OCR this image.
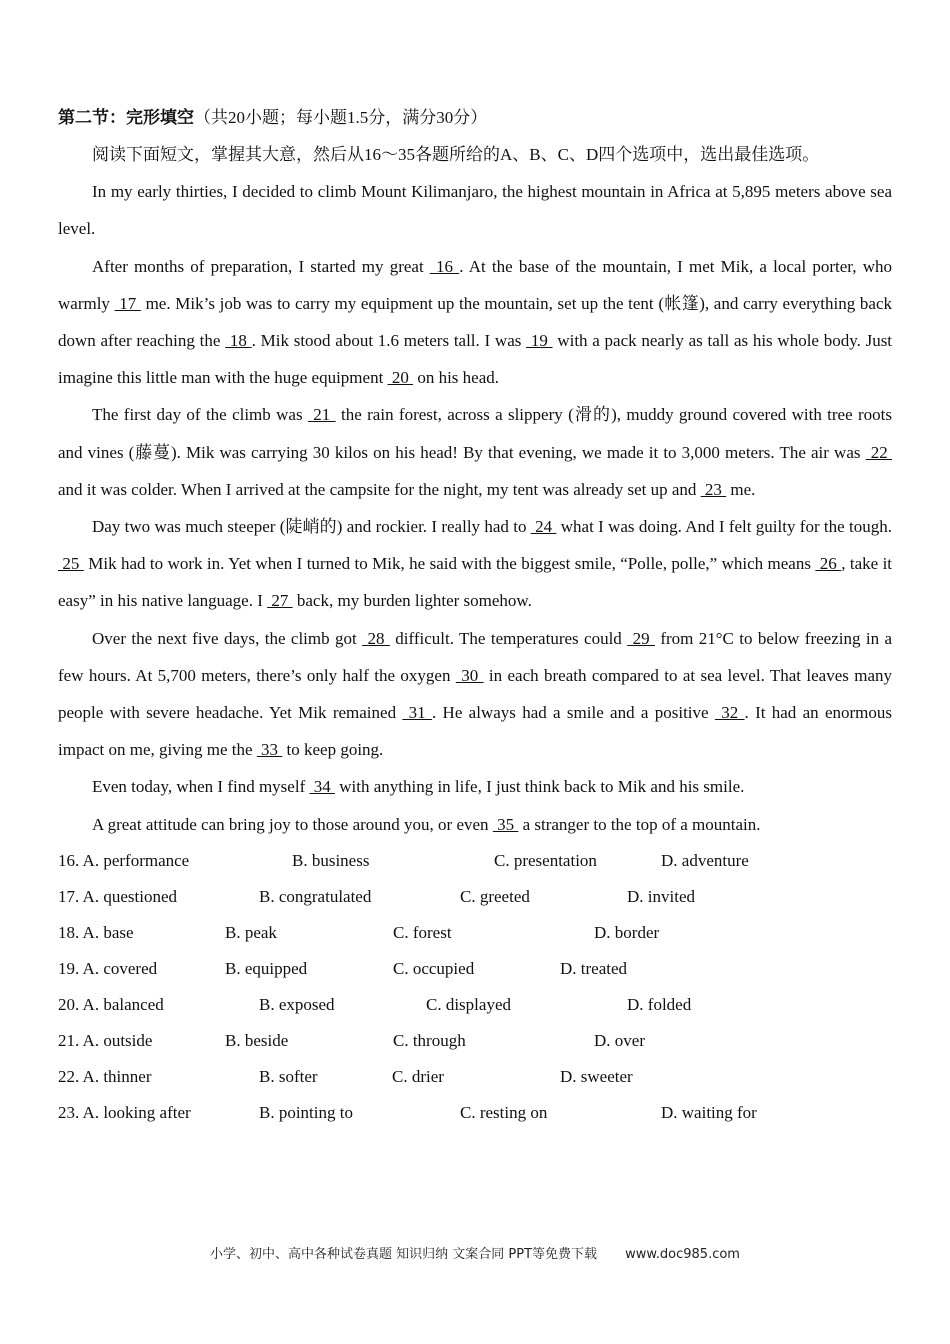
第二节：完形填空（共20小题；每小题1.5分，满分30分）

阅读下面短文，掌握其大意，然后从16～35各题所给的A、B、C、D四个选项中，选出最佳选项。

In my early thirties, I decided to climb Mount Kilimanjaro, the highest mountain in Africa at 5,895 meters above sea level.

After months of preparation, I started my great  16 . At the base of the mountain, I met Mik, a local porter, who warmly  17  me. Mik’s job was to carry my equipment up the mountain, set up the tent (帐篷), and carry everything back down after reaching the  18 . Mik stood about 1.6 meters tall. I was  19  with a pack nearly as tall as his whole body. Just imagine this little man with the huge equipment  20  on his head.

The first day of the climb was  21  the rain forest, across a slippery (滑的), muddy ground covered with tree roots and vines (藤蔓). Mik was carrying 30 kilos on his head! By that evening, we made it to 3,000 meters. The air was  22  and it was colder. When I arrived at the campsite for the night, my tent was already set up and  23  me.

Day two was much steeper (陡峭的) and rockier. I really had to  24  what I was doing. And I felt guilty for the tough.  25  Mik had to work in. Yet when I turned to Mik, he said with the biggest smile, “Polle, polle,” which means  26 , take it easy” in his native language. I  27  back, my burden lighter somehow.

Over the next five days, the climb got  28  difficult. The temperatures could  29  from 21°C to below freezing in a few hours. At 5,700 meters, there’s only half the oxygen  30  in each breath compared to at sea level. That leaves many people with severe headache. Yet Mik remained  31 . He always had a smile and a positive  32 . It had an enormous impact on me, giving me the  33  to keep going.

Even today, when I find myself  34  with anything in life, I just think back to Mik and his smile.

A great attitude can bring joy to those around you, or even  35  a stranger to the top of a mountain.

16. A. performance	B. business	C. presentation	D. adventure
17. A. questioned	B. congratulated	C. greeted	D. invited
18. A. base	B. peak	C. forest	D. border
19. A. covered	B. equipped	C. occupied	D. treated
20. A. balanced	B. exposed	C. displayed	D. folded
21. A. outside	B. beside	C. through	D. over
22. A. thinner	B. softer	C. drier	D. sweeter
23. A. looking after	B. pointing to	C. resting on	D. waiting for
小学、初中、高中各种试卷真题 知识归纳 文案合同 PPT等免费下载 www.doc985.com
